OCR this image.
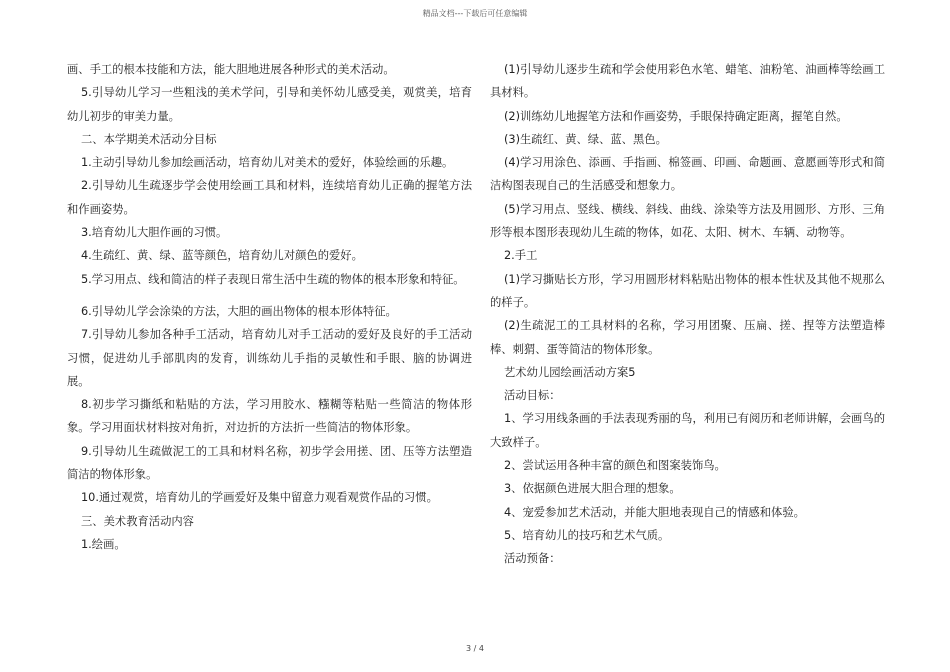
精品文档---下载后可任意编辑

画、手工的根本技能和方法，能大胆地进展各种形式的美术活动。

5.引导幼儿学习一些粗浅的美术学问，引导和美怀幼儿感受美，观赏美，培育幼儿初步的审美力量。

二、本学期美术活动分目标

1.主动引导幼儿参加绘画活动，培育幼儿对美术的爱好，体验绘画的乐趣。

2.引导幼儿生疏逐步学会使用绘画工具和材料，连续培育幼儿正确的握笔方法和作画姿势。

3.培育幼儿大胆作画的习惯。

4.生疏红、黄、绿、蓝等颜色，培育幼儿对颜色的爱好。

5.学习用点、线和简洁的样子表现日常生活中生疏的物体的根本形象和特征。

6.引导幼儿学会涂染的方法，大胆的画出物体的根本形体特征。

7.引导幼儿参加各种手工活动，培育幼儿对手工活动的爱好及良好的手工活动习惯，促进幼儿手部肌肉的发育，训练幼儿手指的灵敏性和手眼、脑的协调进展。

8.初步学习撕纸和粘贴的方法，学习用胶水、糨糊等粘贴一些简洁的物体形象。学习用面状材料按对角折，对边折的方法折一些简洁的物体形象。

9.引导幼儿生疏做泥工的工具和材料名称，初步学会用搓、团、压等方法塑造简洁的物体形象。

10.通过观赏，培育幼儿的学画爱好及集中留意力观看观赏作品的习惯。

三、美术教育活动内容

1.绘画。

(1)引导幼儿逐步生疏和学会使用彩色水笔、蜡笔、油粉笔、油画棒等绘画工具材料。

(2)训练幼儿地握笔方法和作画姿势，手眼保持确定距离，握笔自然。

(3)生疏红、黄、绿、蓝、黑色。

(4)学习用涂色、添画、手指画、棉签画、印画、命题画、意愿画等形式和简洁构图表现自己的生活感受和想象力。

(5)学习用点、竖线、横线、斜线、曲线、涂染等方法及用圆形、方形、三角形等根本图形表现幼儿生疏的物体，如花、太阳、树木、车辆、动物等。

2.手工

(1)学习撕贴长方形，学习用圆形材料粘贴出物体的根本性状及其他不规那么的样子。

(2)生疏泥工的工具材料的名称，学习用团聚、压扁、搓、捏等方法塑造棒棒、刺猬、蛋等简洁的物体形象。

艺术幼儿园绘画活动方案5

活动目标：

1、学习用线条画的手法表现秀丽的鸟，利用已有阅历和老师讲解，会画鸟的大致样子。

2、尝试运用各种丰富的颜色和图案装饰鸟。

3、依据颜色进展大胆合理的想象。

4、宠爱参加艺术活动，并能大胆地表现自己的情感和体验。

5、培育幼儿的技巧和艺术气质。

活动预备：

3 / 4
